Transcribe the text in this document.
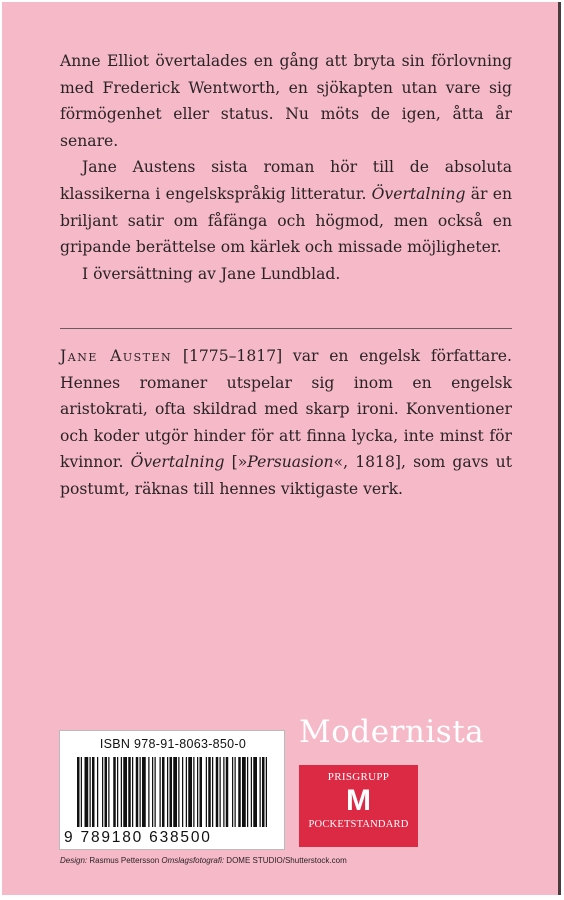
Anne Elliot övertalades en gång att bryta sin förlovning med Frederick Wentworth, en sjökapten utan vare sig förmögenhet eller status. Nu möts de igen, åtta år senare.

Jane Austens sista roman hör till de absoluta klassikerna i engelskspråkig litteratur. Övertalning är en briljant satir om fåfänga och högmod, men också en gripande berättelse om kärlek och missade möjligheter.

I översättning av Jane Lundblad.

Jane Austen [1775–1817] var en engelsk författare. Hennes romaner utspelar sig inom en engelsk aristokrati, ofta skildrad med skarp ironi. Konventioner och koder utgör hinder för att finna lycka, inte minst för kvinnor. Övertalning [»Persuasion«, 1818], som gavs ut postumt, räknas till hennes viktigaste verk.

ISBN 978-91-8063-850-0
9 789180 638500
Modernista
PRISGRUPP
M
POCKETSTANDARD
Design: Rasmus Pettersson Omslagsfotografi: DOME STUDIO/Shutterstock.com
